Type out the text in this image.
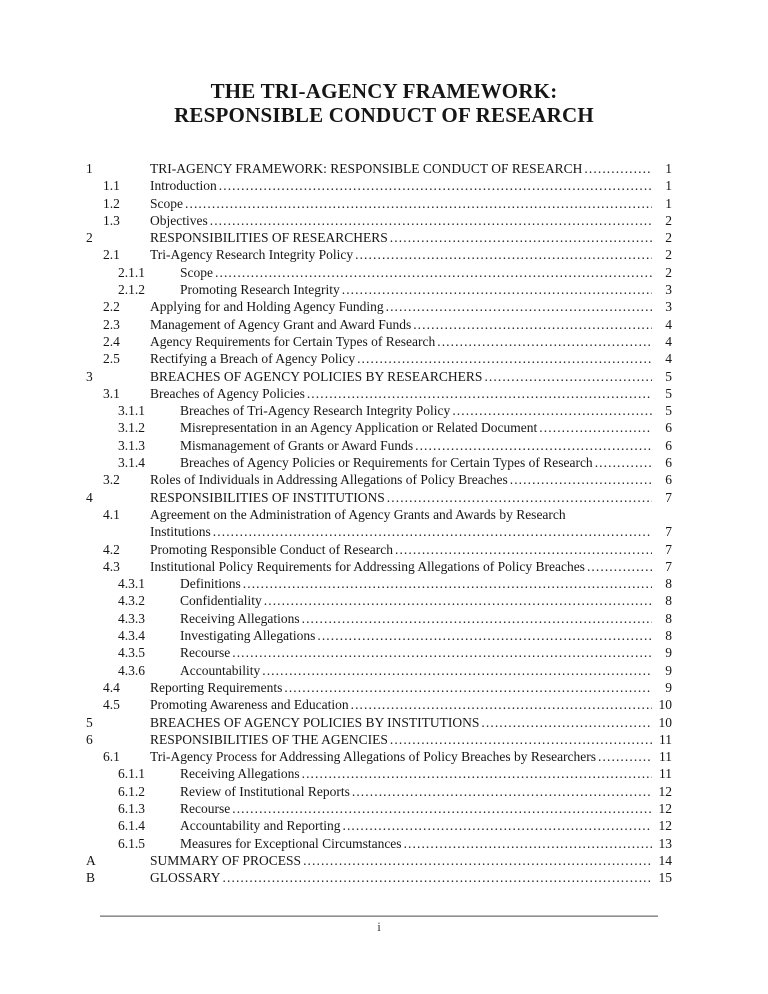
THE TRI-AGENCY FRAMEWORK:
RESPONSIBLE CONDUCT OF RESEARCH
1	TRI-AGENCY FRAMEWORK: RESPONSIBLE CONDUCT OF RESEARCH .....	1
1.1	Introduction .....	1
1.2	Scope .....	1
1.3	Objectives .....	2
2	RESPONSIBILITIES OF RESEARCHERS .....	2
2.1	Tri-Agency Research Integrity Policy .....	2
2.1.1	Scope .....	2
2.1.2	Promoting Research Integrity .....	3
2.2	Applying for and Holding Agency Funding .....	3
2.3	Management of Agency Grant and Award Funds .....	4
2.4	Agency Requirements for Certain Types of Research .....	4
2.5	Rectifying a Breach of Agency Policy .....	4
3	BREACHES OF AGENCY POLICIES BY RESEARCHERS .....	5
3.1	Breaches of Agency Policies .....	5
3.1.1	Breaches of Tri-Agency Research Integrity Policy .....	5
3.1.2	Misrepresentation in an Agency Application or Related Document .....	6
3.1.3	Mismanagement of Grants or Award Funds .....	6
3.1.4	Breaches of Agency Policies or Requirements for Certain Types of Research .....	6
3.2	Roles of Individuals in Addressing Allegations of Policy Breaches .....	6
4	RESPONSIBILITIES OF INSTITUTIONS .....	7
4.1	Agreement on the Administration of Agency Grants and Awards by Research
Institutions .....	7
4.2	Promoting Responsible Conduct of Research .....	7
4.3	Institutional Policy Requirements for Addressing Allegations of Policy Breaches .....	7
4.3.1	Definitions .....	8
4.3.2	Confidentiality .....	8
4.3.3	Receiving Allegations .....	8
4.3.4	Investigating Allegations .....	8
4.3.5	Recourse .....	9
4.3.6	Accountability .....	9
4.4	Reporting Requirements .....	9
4.5	Promoting Awareness and Education .....	10
5	BREACHES OF AGENCY POLICIES BY INSTITUTIONS .....	10
6	RESPONSIBILITIES OF THE AGENCIES .....	11
6.1	Tri-Agency Process for Addressing Allegations of Policy Breaches by Researchers .....	11
6.1.1	Receiving Allegations .....	11
6.1.2	Review of Institutional Reports .....	12
6.1.3	Recourse .....	12
6.1.4	Accountability and Reporting .....	12
6.1.5	Measures for Exceptional Circumstances .....	13
A	SUMMARY OF PROCESS .....	14
B	GLOSSARY .....	15
i
